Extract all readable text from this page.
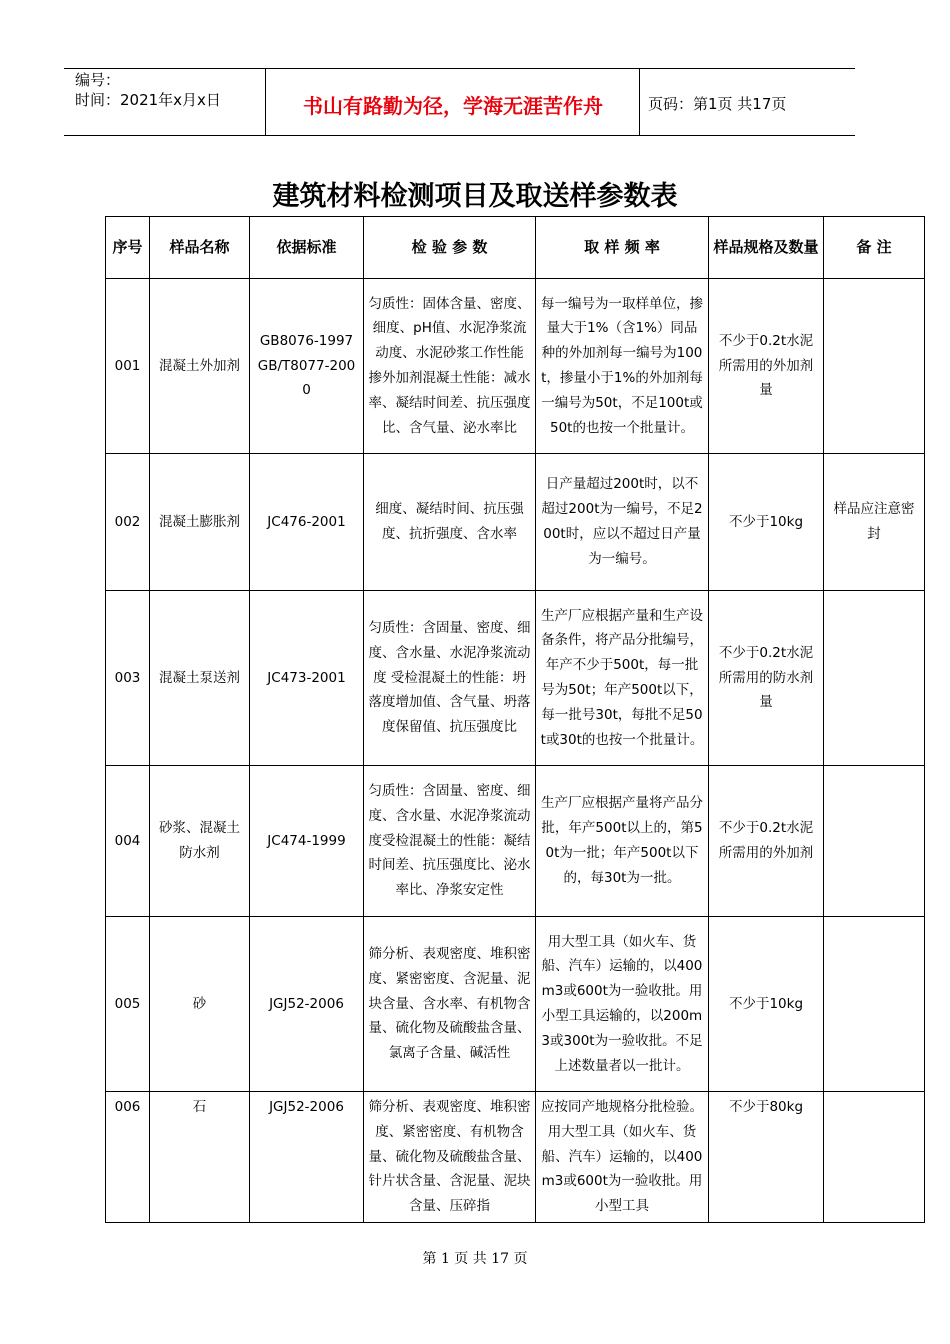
编号：
时间：2021年x月x日	书山有路勤为径，学海无涯苦作舟	页码：第1页 共17页
建筑材料检测项目及取送样参数表
序号	样品名称	依据标准	检 验 参 数	取 样 频 率	样品规格及数量	备 注
001	混凝土外加剂	GB8076-1997 GB/T8077-2000	匀质性：固体含量、密度、细度、pH值、水泥净浆流动度、水泥砂浆工作性能 掺外加剂混凝土性能：减水率、凝结时间差、抗压强度比、含气量、泌水率比	每一编号为一取样单位，掺量大于1%（含1%）同品种的外加剂每一编号为100t，掺量小于1%的外加剂每一编号为50t，不足100t或50t的也按一个批量计。	不少于0.2t水泥所需用的外加剂量	
002	混凝土膨胀剂	JC476-2001	细度、凝结时间、抗压强度、抗折强度、含水率	日产量超过200t时，以不超过200t为一编号，不足200t时，应以不超过日产量为一编号。	不少于10kg	样品应注意密封
003	混凝土泵送剂	JC473-2001	匀质性：含固量、密度、细度、含水量、水泥净浆流动度 受检混凝土的性能：坍落度增加值、含气量、坍落度保留值、抗压强度比	生产厂应根据产量和生产设备条件，将产品分批编号，年产不少于500t，每一批号为50t；年产500t以下，每一批号30t，每批不足50t或30t的也按一个批量计。	不少于0.2t水泥所需用的防水剂量	
004	砂浆、混凝土防水剂	JC474-1999	匀质性：含固量、密度、细度、含水量、水泥净浆流动度受检混凝土的性能：凝结时间差、抗压强度比、泌水率比、净浆安定性	生产厂应根据产量将产品分批，年产500t以上的，第50t为一批；年产500t以下的，每30t为一批。	不少于0.2t水泥所需用的外加剂	
005	砂	JGJ52-2006	筛分析、表观密度、堆积密度、紧密密度、含泥量、泥块含量、含水率、有机物含量、硫化物及硫酸盐含量、氯离子含量、碱活性	用大型工具（如火车、货船、汽车）运输的，以400m3或600t为一验收批。用小型工具运输的，以200m3或300t为一验收批。不足上述数量者以一批计。	不少于10kg	
006	石	JGJ52-2006	筛分析、表观密度、堆积密度、紧密密度、有机物含量、硫化物及硫酸盐含量、针片状含量、含泥量、泥块含量、压碎指	应按同产地规格分批检验。用大型工具（如火车、货船、汽车）运输的，以400m3或600t为一验收批。用小型工具	不少于80kg	
第 1 页 共 17 页
